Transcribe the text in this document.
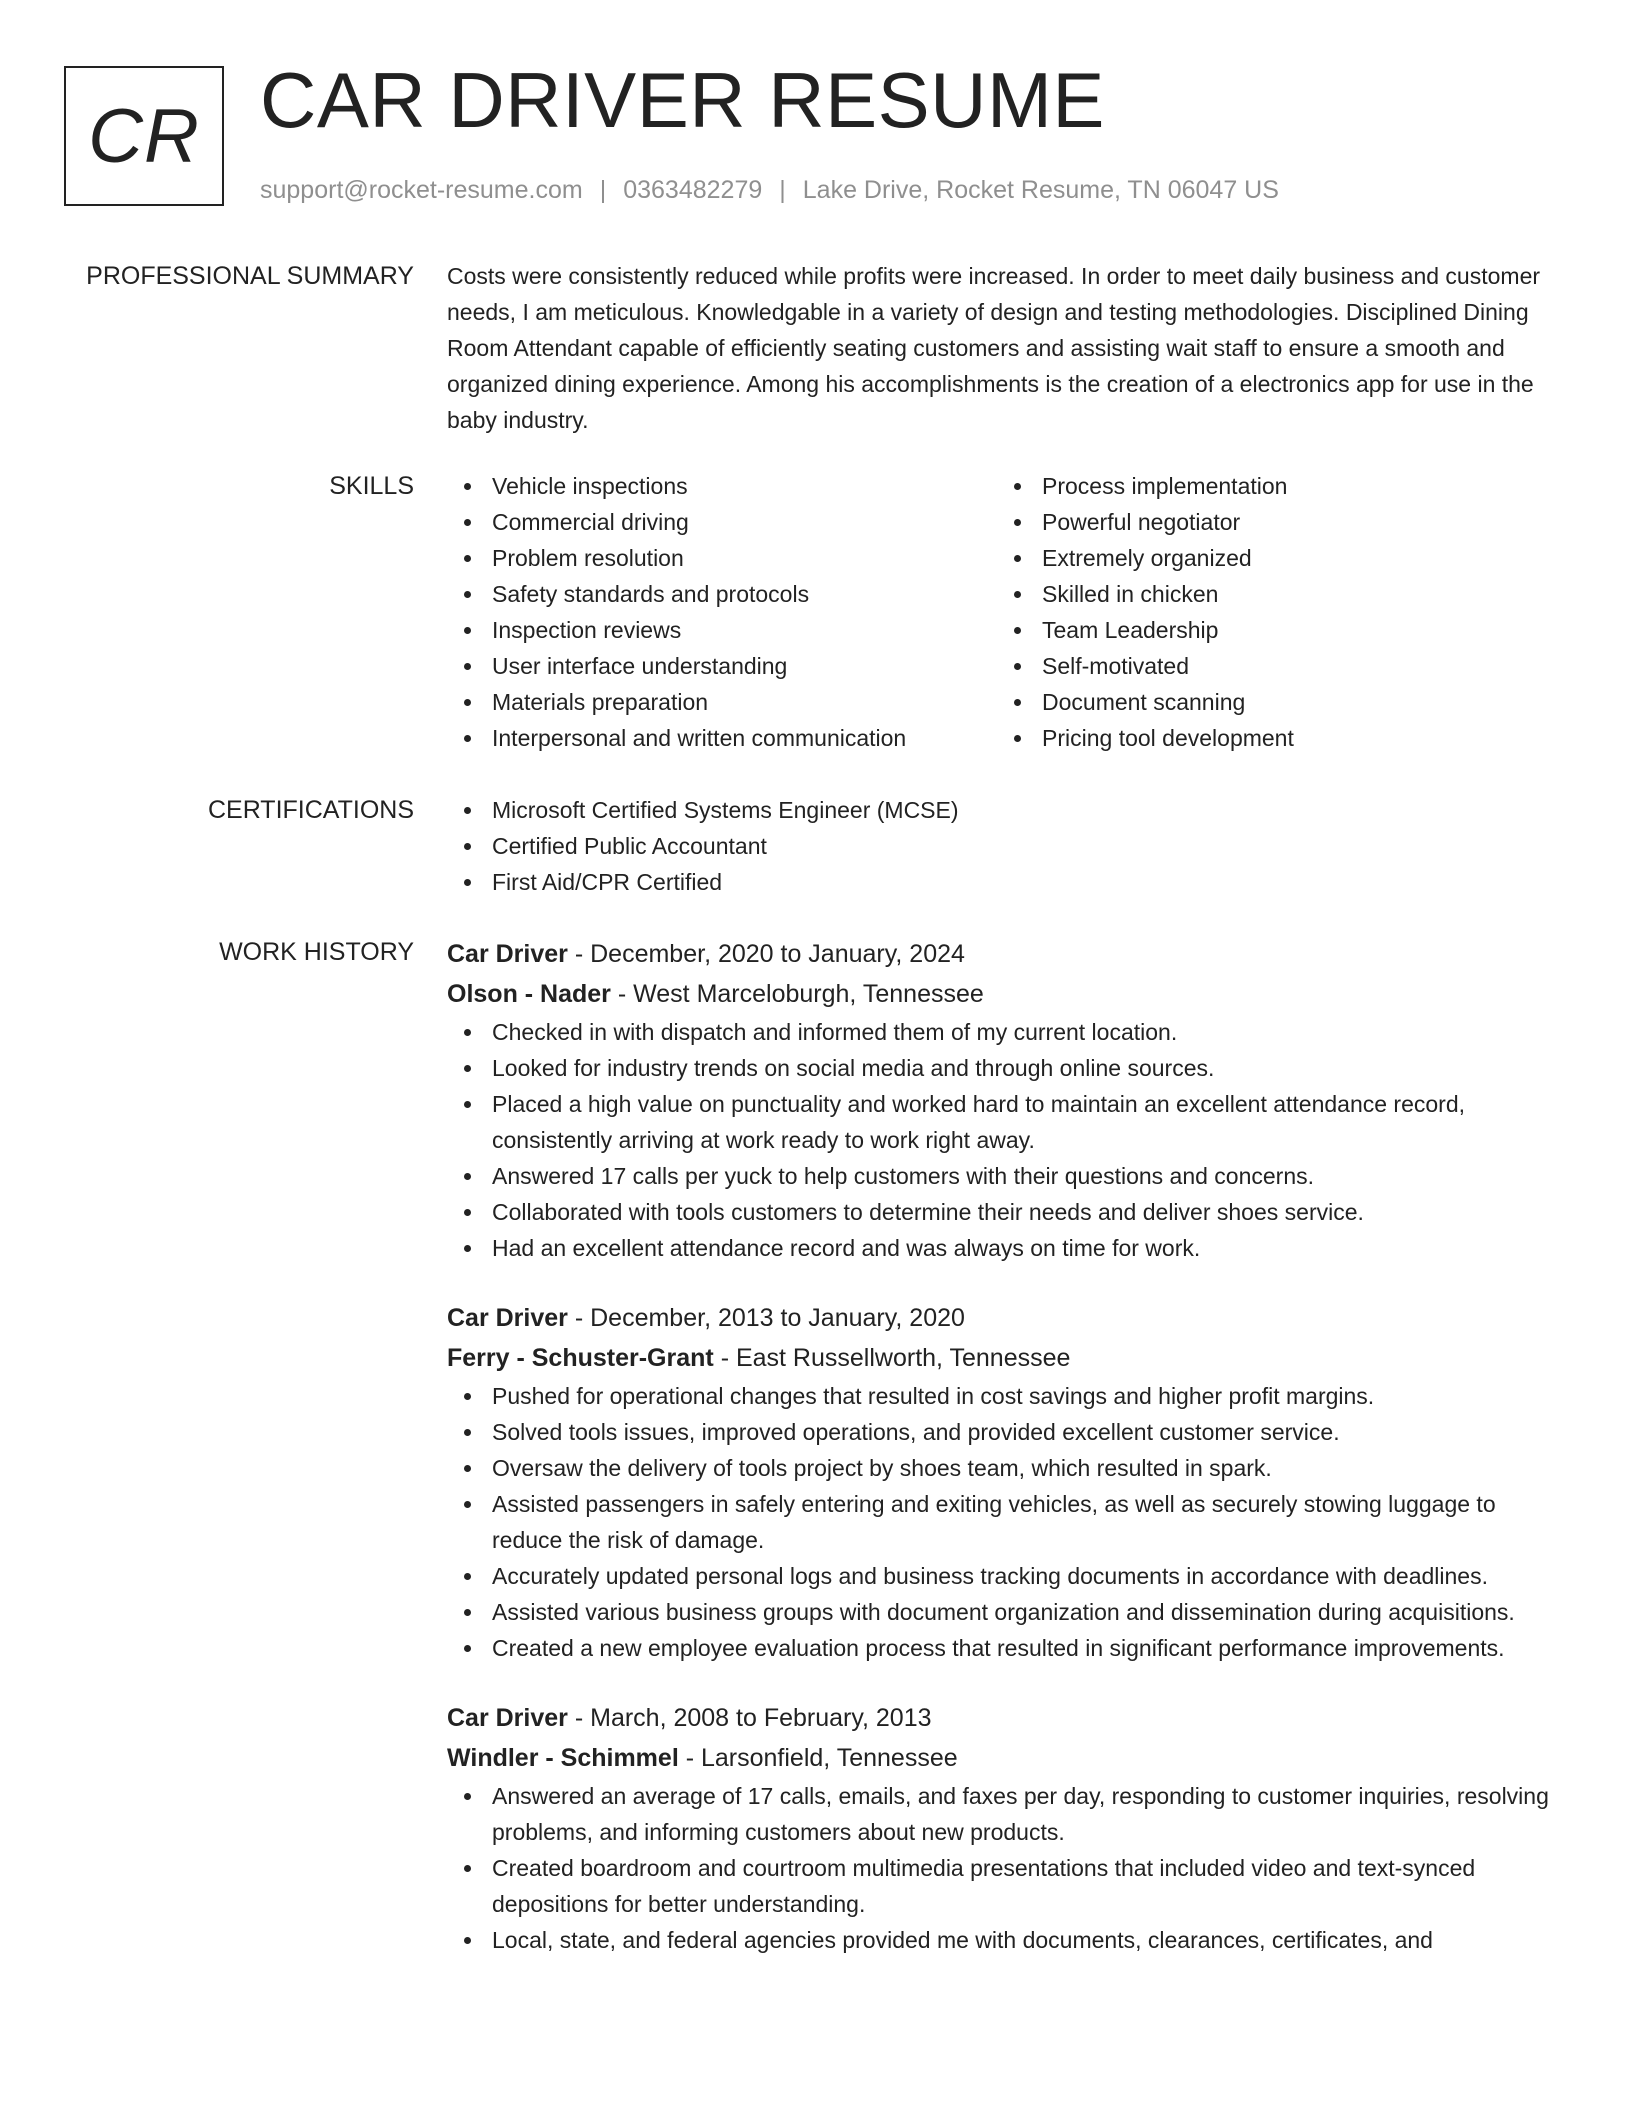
CR CAR DRIVER RESUME
support@rocket-resume.com | 0363482279 | Lake Drive, Rocket Resume, TN 06047 US
PROFESSIONAL SUMMARY Costs were consistently reduced while profits were increased. In order to meet daily business and customer needs, I am meticulous. Knowledgable in a variety of design and testing methodologies. Disciplined Dining Room Attendant capable of efficiently seating customers and assisting wait staff to ensure a smooth and organized dining experience. Among his accomplishments is the creation of a electronics app for use in the baby industry.

SKILLS	Vehicle inspections
Commercial driving
Problem resolution
Safety standards and protocols
Inspection reviews
User interface understanding
Materials preparation
Interpersonal and written communication
Process implementation
Powerful negotiator
Extremely organized
Skilled in chicken
Team Leadership
Self-motivated
Document scanning
Pricing tool development
CERTIFICATIONS	Microsoft Certified Systems Engineer (MCSE)
Certified Public Accountant
First Aid/CPR Certified
WORK HISTORY Car Driver - December, 2020 to January, 2024
Olson - Nader - West Marceloburgh, Tennessee
Checked in with dispatch and informed them of my current location.
Looked for industry trends on social media and through online sources.
Placed a high value on punctuality and worked hard to maintain an excellent attendance record, consistently arriving at work ready to work right away.
Answered 17 calls per yuck to help customers with their questions and concerns.
Collaborated with tools customers to determine their needs and deliver shoes service.
Had an excellent attendance record and was always on time for work.
Car Driver - December, 2013 to January, 2020
Ferry - Schuster-Grant - East Russellworth, Tennessee
Pushed for operational changes that resulted in cost savings and higher profit margins.
Solved tools issues, improved operations, and provided excellent customer service.
Oversaw the delivery of tools project by shoes team, which resulted in spark.
Assisted passengers in safely entering and exiting vehicles, as well as securely stowing luggage to reduce the risk of damage.
Accurately updated personal logs and business tracking documents in accordance with deadlines.
Assisted various business groups with document organization and dissemination during acquisitions.
Created a new employee evaluation process that resulted in significant performance improvements.
Car Driver - March, 2008 to February, 2013
Windler - Schimmel - Larsonfield, Tennessee
Answered an average of 17 calls, emails, and faxes per day, responding to customer inquiries, resolving problems, and informing customers about new products.
Created boardroom and courtroom multimedia presentations that included video and text-synced depositions for better understanding.
Local, state, and federal agencies provided me with documents, clearances, certificates, and
